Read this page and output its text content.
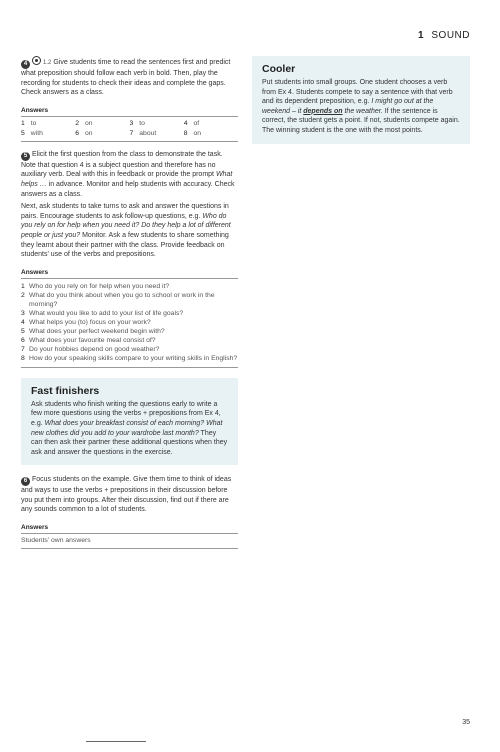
1 SOUND

4	1.2 Give students time to read the sentences first and predict what preposition should follow each verb in bold. Then, play the recording for students to check their ideas and complete the gaps. Check answers as a class.

Answers
1 to	2 on	3 to	4 of
5 with	6 on	7 about	8 on

5 Elicit the first question from the class to demonstrate the task. Note that question 4 is a subject question and therefore has no auxiliary verb. Deal with this in feedback or provide the prompt What helps … in advance. Monitor and help students with accuracy. Check answers as a class.

Next, ask students to take turns to ask and answer the questions in pairs. Encourage students to ask follow-up questions, e.g. Who do you rely on for help when you need it? Do they help a lot of different people or just you? Monitor. Ask a few students to share something they learnt about their partner with the class. Provide feedback on students' use of the verbs and prepositions.

Answers
1 Who do you rely on for help when you need it?
2 What do you think about when you go to school or work in the morning?
3 What would you like to add to your list of life goals?
4 What helps you (to) focus on your work?
5 What does your perfect weekend begin with?
6 What does your favourite meal consist of?
7 Do your hobbies depend on good weather?
8 How do your speaking skills compare to your writing skills in English?
Fast finishers

Ask students who finish writing the questions early to write a few more questions using the verbs + prepositions from Ex 4, e.g. What does your breakfast consist of each morning? What new clothes did you add to your wardrobe last month? They can then ask their partner these additional questions when they ask and answer the questions in the exercise.

6 Focus students on the example. Give them time to think of ideas and ways to use the verbs + prepositions in their discussion before you put them into groups. After their discussion, find out if there are any sounds common to a lot of students.

Answers
Students' own answers
Cooler

Put students into small groups. One student chooses a verb from Ex 4. Students compete to say a sentence with that verb and its dependent preposition, e.g. I might go out at the weekend – it depends on the weather. If the sentence is correct, the student gets a point. If not, students compete again. The winning student is the one with the most points.

35
